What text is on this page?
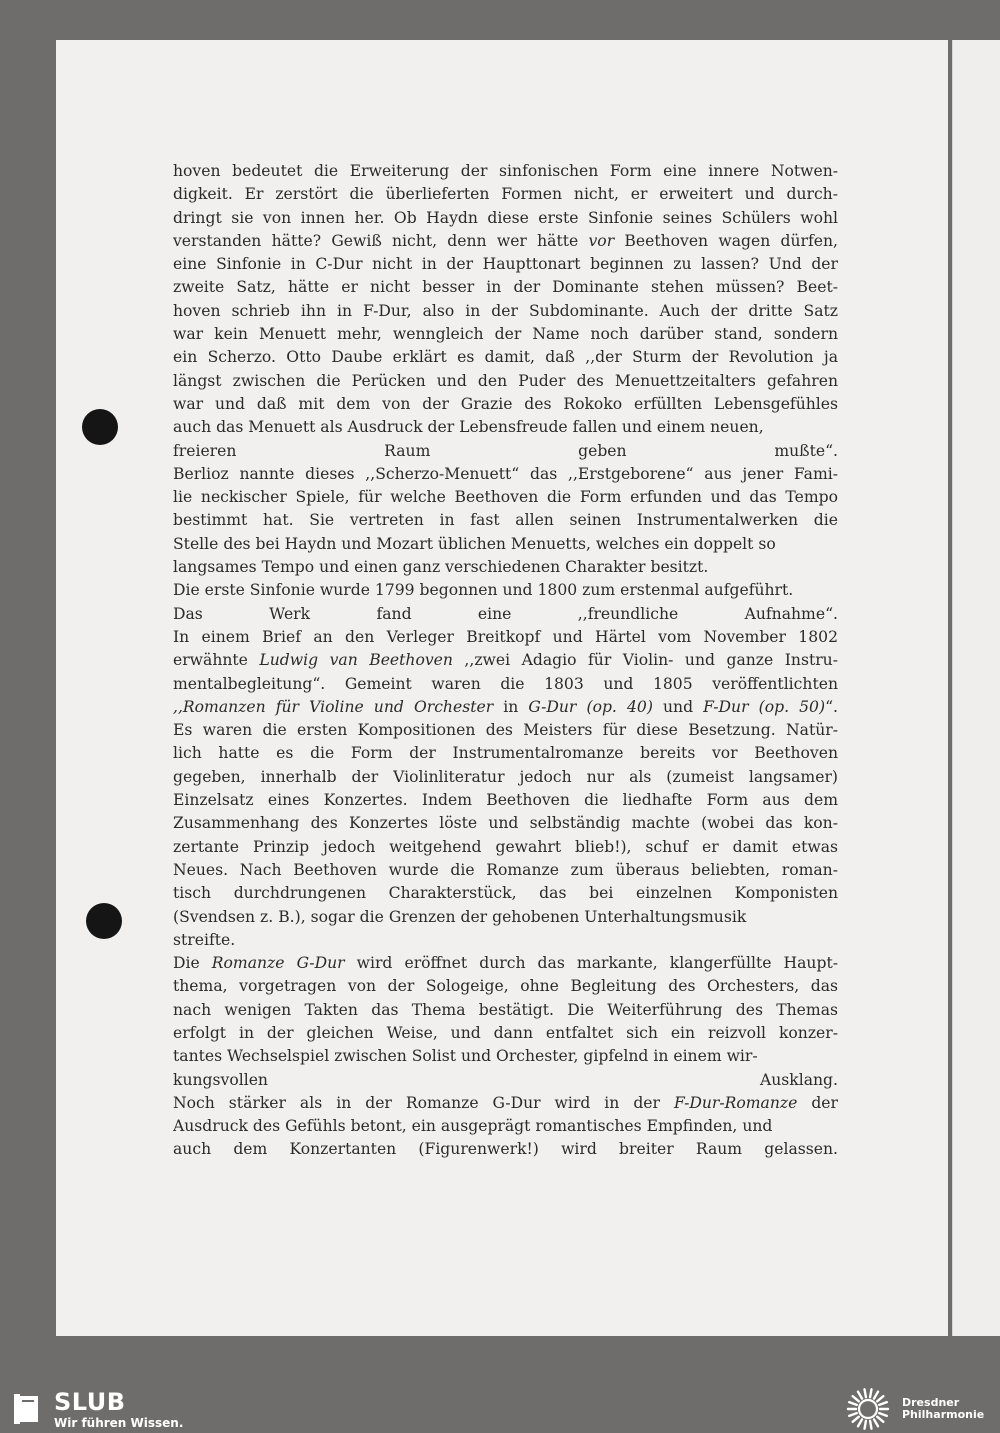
hoven bedeutet die Erweiterung der sinfonischen Form eine innere Notwen-
digkeit. Er zerstört die überlieferten Formen nicht, er erweitert und durch-
dringt sie von innen her. Ob Haydn diese erste Sinfonie seines Schülers wohl
verstanden hätte? Gewiß nicht, denn wer hätte vor Beethoven wagen dürfen,
eine Sinfonie in C-Dur nicht in der Haupttonart beginnen zu lassen? Und der
zweite Satz, hätte er nicht besser in der Dominante stehen müssen? Beet-
hoven schrieb ihn in F-Dur, also in der Subdominante. Auch der dritte Satz
war kein Menuett mehr, wenngleich der Name noch darüber stand, sondern
ein Scherzo. Otto Daube erklärt es damit, daß ,,der Sturm der Revolution ja
längst zwischen die Perücken und den Puder des Menuettzeitalters gefahren
war und daß mit dem von der Grazie des Rokoko erfüllten Lebensgefühles
auch das Menuett als Ausdruck der Lebensfreude fallen und einem neuen,
freieren Raum geben mußte“.
Berlioz nannte dieses ,,Scherzo-Menuett“ das ,,Erstgeborene“ aus jener Fami-
lie neckischer Spiele, für welche Beethoven die Form erfunden und das Tempo
bestimmt hat. Sie vertreten in fast allen seinen Instrumentalwerken die
Stelle des bei Haydn und Mozart üblichen Menuetts, welches ein doppelt so
langsames Tempo und einen ganz verschiedenen Charakter besitzt.
Die erste Sinfonie wurde 1799 begonnen und 1800 zum erstenmal aufgeführt.
Das Werk fand eine ,,freundliche Aufnahme“.
In einem Brief an den Verleger Breitkopf und Härtel vom November 1802
erwähnte Ludwig van Beethoven ,,zwei Adagio für Violin- und ganze Instru-
mentalbegleitung“. Gemeint waren die 1803 und 1805 veröffentlichten
,,Romanzen für Violine und Orchester in G-Dur (op. 40) und F-Dur (op. 50)“.
Es waren die ersten Kompositionen des Meisters für diese Besetzung. Natür-
lich hatte es die Form der Instrumentalromanze bereits vor Beethoven
gegeben, innerhalb der Violinliteratur jedoch nur als (zumeist langsamer)
Einzelsatz eines Konzertes. Indem Beethoven die liedhafte Form aus dem
Zusammenhang des Konzertes löste und selbständig machte (wobei das kon-
zertante Prinzip jedoch weitgehend gewahrt blieb!), schuf er damit etwas
Neues. Nach Beethoven wurde die Romanze zum überaus beliebten, roman-
tisch durchdrungenen Charakterstück, das bei einzelnen Komponisten
(Svendsen z. B.), sogar die Grenzen der gehobenen Unterhaltungsmusik
streifte.
Die Romanze G-Dur wird eröffnet durch das markante, klangerfüllte Haupt-
thema, vorgetragen von der Sologeige, ohne Begleitung des Orchesters, das
nach wenigen Takten das Thema bestätigt. Die Weiterführung des Themas
erfolgt in der gleichen Weise, und dann entfaltet sich ein reizvoll konzer-
tantes Wechselspiel zwischen Solist und Orchester, gipfelnd in einem wir-
kungsvollen Ausklang.
Noch stärker als in der Romanze G-Dur wird in der F-Dur-Romanze der
Ausdruck des Gefühls betont, ein ausgeprägt romantisches Empfinden, und
auch dem Konzertanten (Figurenwerk!) wird breiter Raum gelassen.
SLUB
Wir führen Wissen.
Dresdner
Philharmonie
